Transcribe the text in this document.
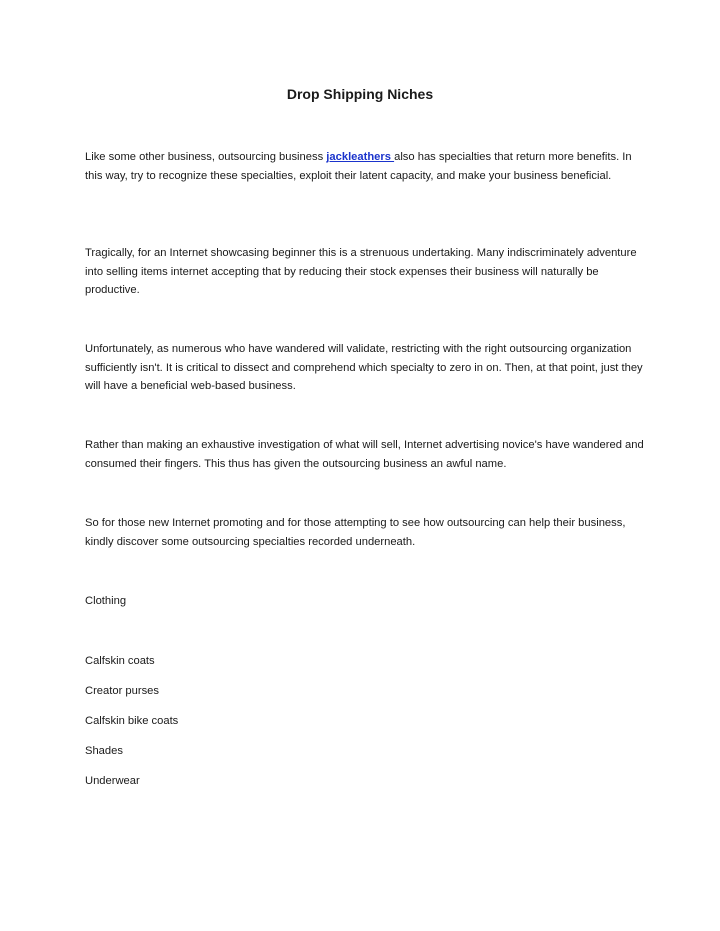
Drop Shipping Niches
Like some other business, outsourcing business jackleathers also has specialties that return more benefits. In this way, try to recognize these specialties, exploit their latent capacity, and make your business beneficial.
Tragically, for an Internet showcasing beginner this is a strenuous undertaking. Many indiscriminately adventure into selling items internet accepting that by reducing their stock expenses their business will naturally be productive.
Unfortunately, as numerous who have wandered will validate, restricting with the right outsourcing organization sufficiently isn't. It is critical to dissect and comprehend which specialty to zero in on. Then, at that point, just they will have a beneficial web-based business.
Rather than making an exhaustive investigation of what will sell, Internet advertising novice's have wandered and consumed their fingers. This thus has given the outsourcing business an awful name.
So for those new Internet promoting and for those attempting to see how outsourcing can help their business, kindly discover some outsourcing specialties recorded underneath.
Clothing
Calfskin coats
Creator purses
Calfskin bike coats
Shades
Underwear
